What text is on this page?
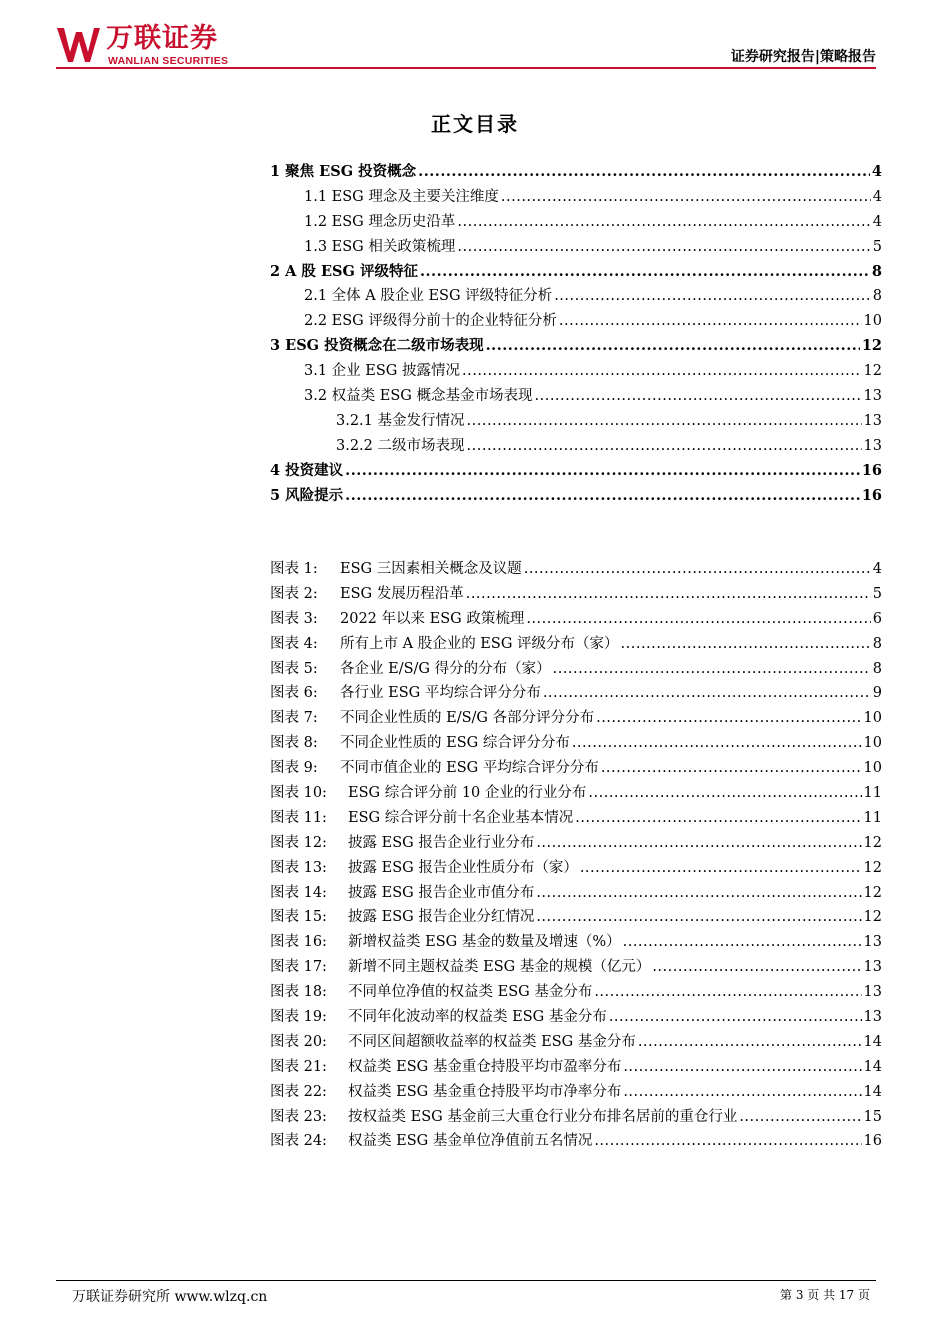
万联证券
WANLIAN SECURITIES	证券研究报告|策略报告
正文目录
1 聚焦 ESG 投资概念 .....	4
1.1 ESG 理念及主要关注维度 .....	4
1.2 ESG 理念历史沿革 .....	4
1.3 ESG 相关政策梳理 .....	5
2 A 股 ESG 评级特征 .....	8
2.1 全体 A 股企业 ESG 评级特征分析 .....	8
2.2 ESG 评级得分前十的企业特征分析 .....	10
3 ESG 投资概念在二级市场表现 .....	12
3.1 企业 ESG 披露情况 .....	12
3.2 权益类 ESG 概念基金市场表现 .....	13
3.2.1 基金发行情况 .....	13
3.2.2 二级市场表现 .....	13
4 投资建议 .....	16
5 风险提示 .....	16
图表 1:	ESG 三因素相关概念及议题 .....	4
图表 2:	ESG 发展历程沿革 .....	5
图表 3:	2022 年以来 ESG 政策梳理 .....	6
图表 4:	所有上市 A 股企业的 ESG 评级分布（家） .....	8
图表 5:	各企业 E/S/G 得分的分布（家） .....	8
图表 6:	各行业 ESG 平均综合评分分布 .....	9
图表 7:	不同企业性质的 E/S/G 各部分评分分布 .....	10
图表 8:	不同企业性质的 ESG 综合评分分布 .....	10
图表 9:	不同市值企业的 ESG 平均综合评分分布 .....	10
图表 10:	ESG 综合评分前 10 企业的行业分布 .....	11
图表 11:	ESG 综合评分前十名企业基本情况 .....	11
图表 12:	披露 ESG 报告企业行业分布 .....	12
图表 13:	披露 ESG 报告企业性质分布（家） .....	12
图表 14:	披露 ESG 报告企业市值分布 .....	12
图表 15:	披露 ESG 报告企业分红情况 .....	12
图表 16:	新增权益类 ESG 基金的数量及增速（%） .....	13
图表 17:	新增不同主题权益类 ESG 基金的规模（亿元） .....	13
图表 18:	不同单位净值的权益类 ESG 基金分布 .....	13
图表 19:	不同年化波动率的权益类 ESG 基金分布 .....	13
图表 20:	不同区间超额收益率的权益类 ESG 基金分布 .....	14
图表 21:	权益类 ESG 基金重仓持股平均市盈率分布 .....	14
图表 22:	权益类 ESG 基金重仓持股平均市净率分布 .....	14
图表 23:	按权益类 ESG 基金前三大重仓行业分布排名居前的重仓行业 .....	15
图表 24:	权益类 ESG 基金单位净值前五名情况 .....	16
万联证券研究所 www.wlzq.cn	第 3 页 共 17 页
